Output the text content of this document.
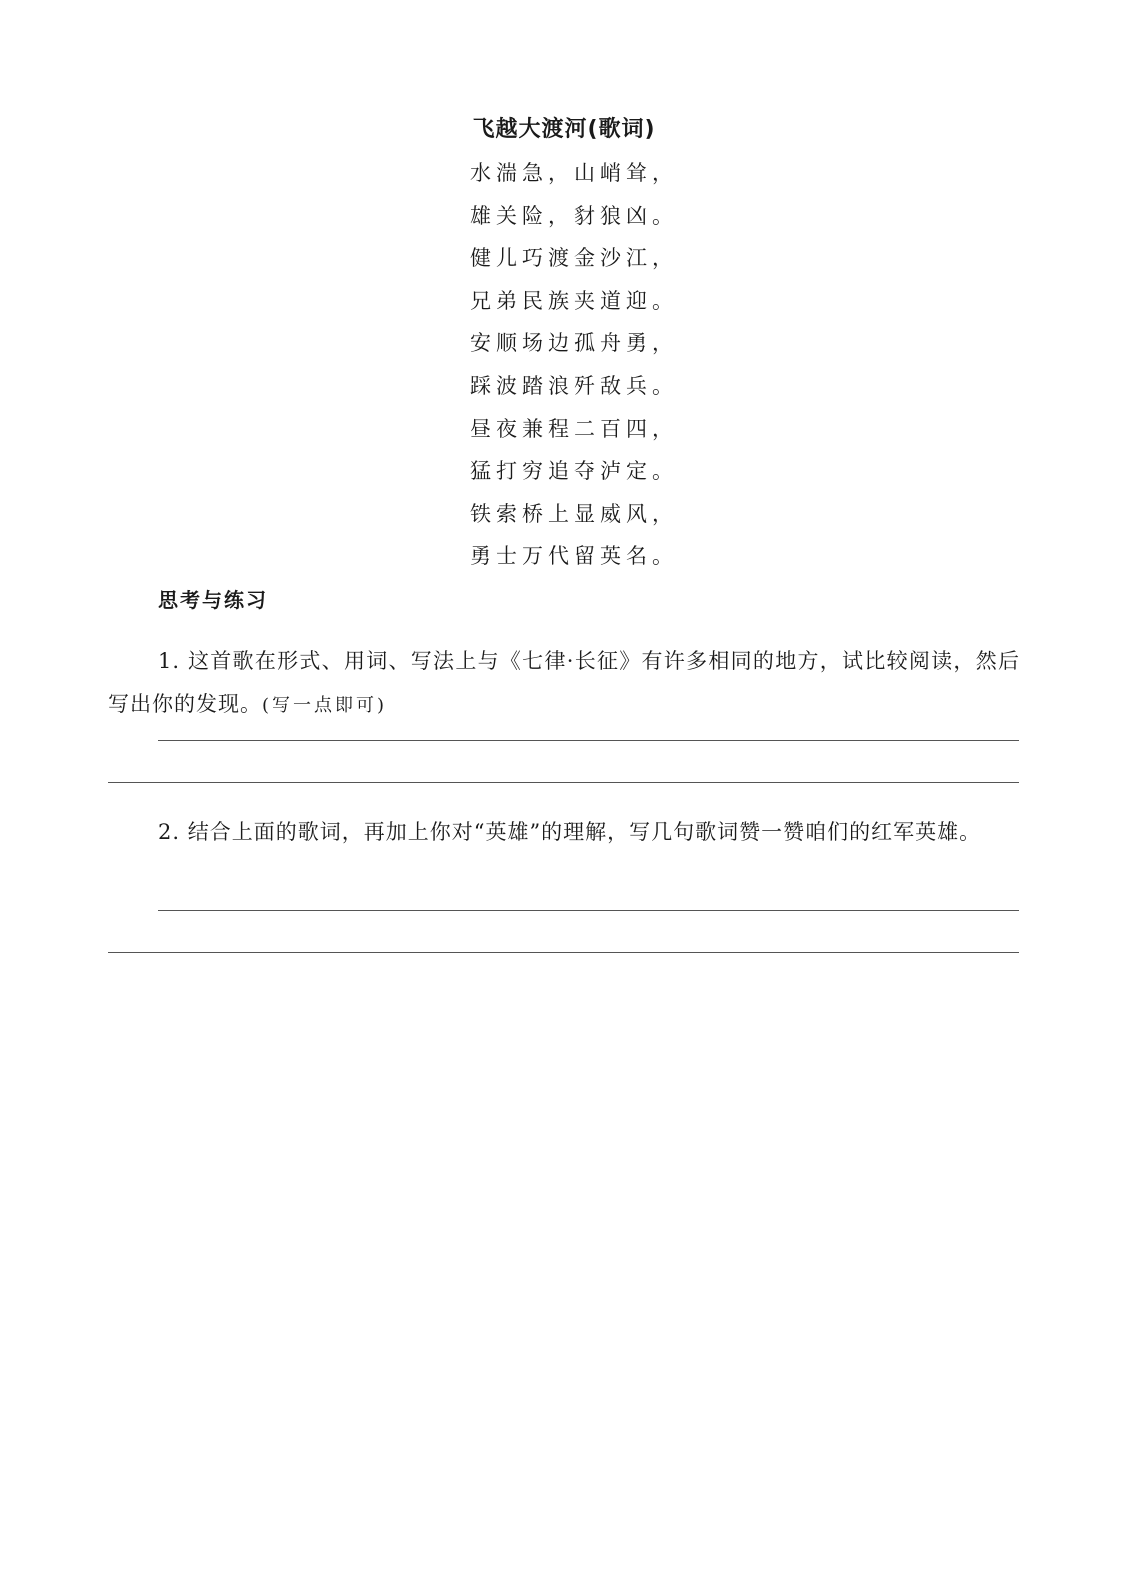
飞越大渡河(歌词)
水湍急，山峭耸，
雄关险，豺狼凶。
健儿巧渡金沙江，
兄弟民族夹道迎。
安顺场边孤舟勇，
踩波踏浪歼敌兵。
昼夜兼程二百四，
猛打穷追夺泸定。
铁索桥上显威风，
勇士万代留英名。
思考与练习

1. 这首歌在形式、用词、写法上与《七律·长征》有许多相同的地方，试比较阅读，然后写出你的发现。(写一点即可)

2. 结合上面的歌词，再加上你对“英雄”的理解，写几句歌词赞一赞咱们的红军英雄。
